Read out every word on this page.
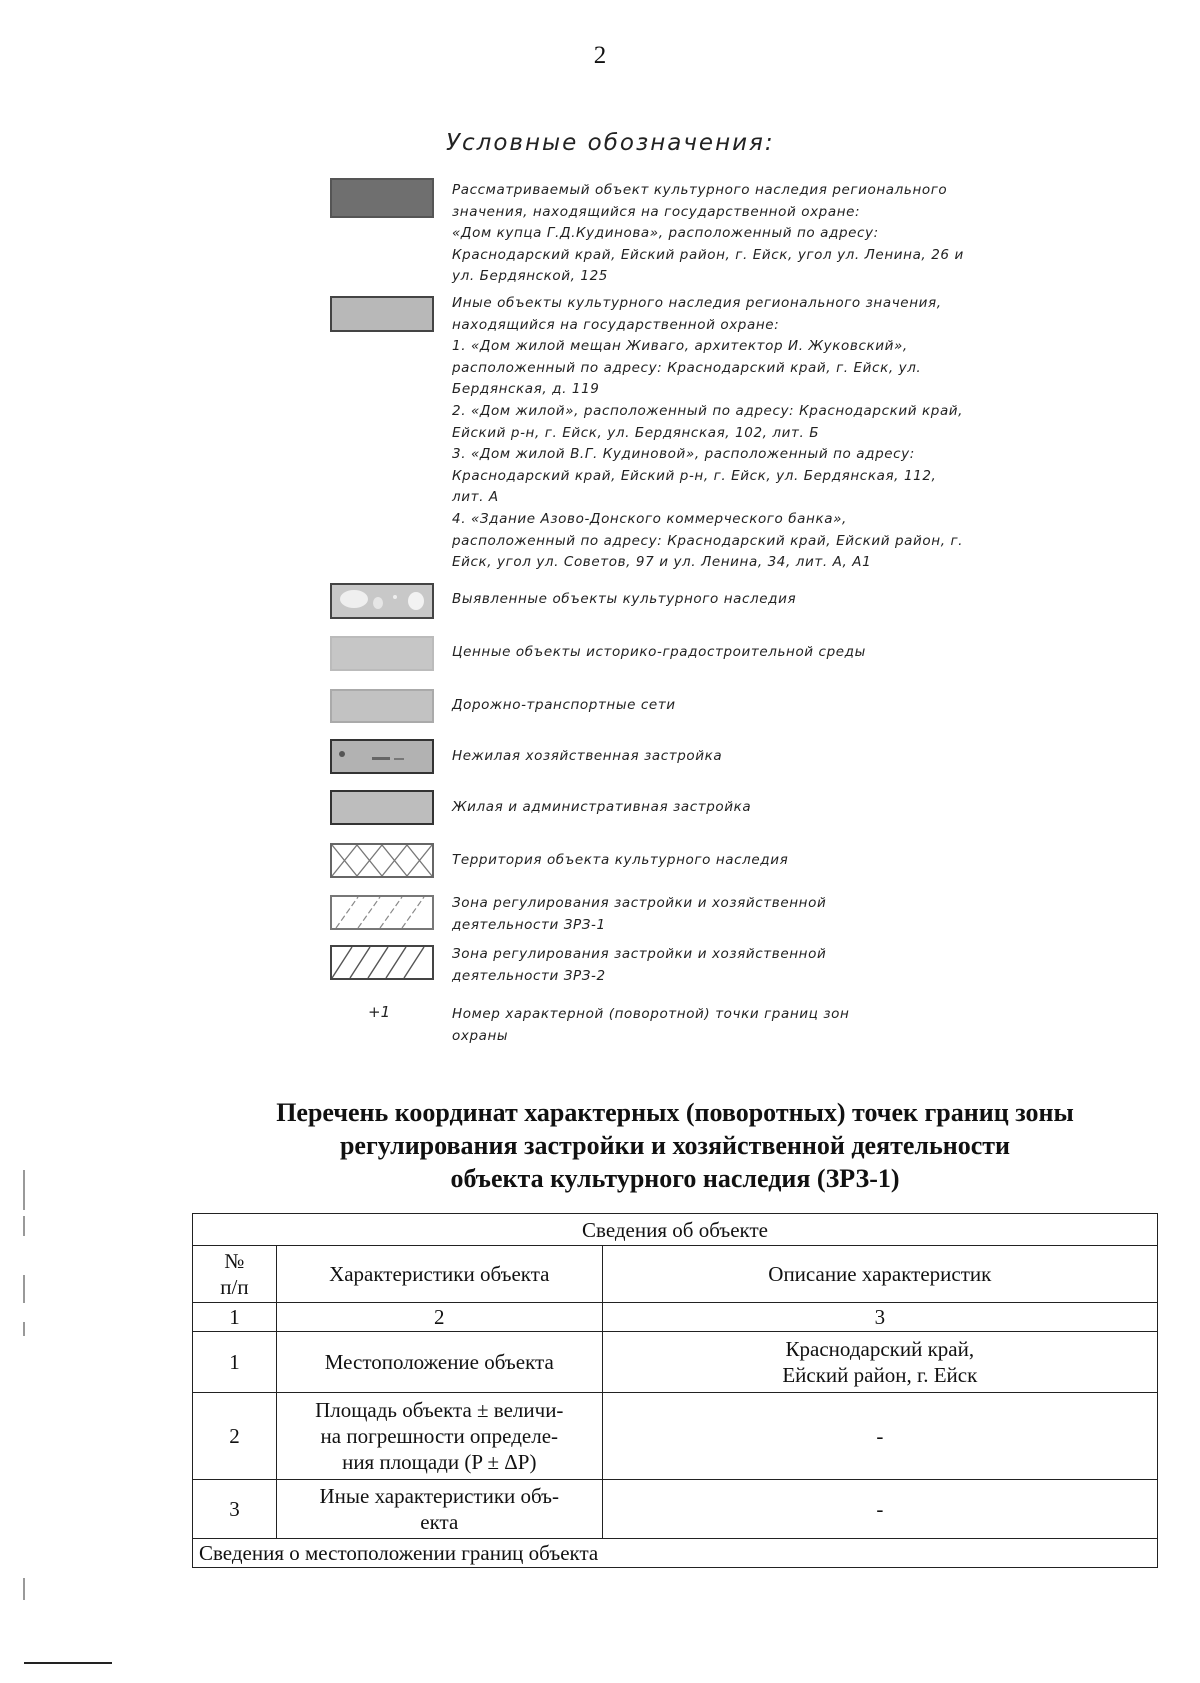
2
Условные обозначения:
Рассматриваемый объект культурного наследия регионального
значения, находящийся на государственной охране:
«Дом купца Г.Д.Кудинова», расположенный по адресу:
Краснодарский край, Ейский район, г. Ейск, угол ул. Ленина, 26 и
ул. Бердянской, 125
Иные объекты культурного наследия регионального значения,
находящийся на государственной охране:
1. «Дом жилой мещан Живаго, архитектор И. Жуковский»,
расположенный по адресу: Краснодарский край, г. Ейск, ул.
Бердянская, д. 119
2. «Дом жилой», расположенный по адресу: Краснодарский край,
Ейский р-н, г. Ейск, ул. Бердянская, 102, лит. Б
3. «Дом жилой В.Г. Кудиновой», расположенный по адресу:
Краснодарский край, Ейский р-н, г. Ейск, ул. Бердянская, 112,
лит. А
4. «Здание Азово-Донского коммерческого банка»,
расположенный по адресу: Краснодарский край, Ейский район, г.
Ейск, угол ул. Советов, 97 и ул. Ленина, 34, лит. А, А1
Выявленные объекты культурного наследия
Ценные объекты историко-градостроительной среды
Дорожно-транспортные сети
Нежилая хозяйственная застройка
Жилая и административная застройка
Территория объекта культурного наследия
Зона регулирования застройки и хозяйственной
деятельности ЗРЗ-1
Зона регулирования застройки и хозяйственной
деятельности ЗРЗ-2
+1	Номер характерной (поворотной) точки границ зон
охраны
Перечень координат характерных (поворотных) точек границ зоны
регулирования застройки и хозяйственной деятельности
объекта культурного наследия (ЗРЗ-1)
Сведения об объекте		

№
п/п	Характеристики объекта	Описание характеристик
1	2	3
1	Местоположение объекта	Краснодарский край,
Ейский район, г. Ейск

2	Площадь объекта ± величи-
на погрешности определе-
ния площади (P ± ΔP)	-

3	Иные характеристики объ-
екта	-

Сведения о местоположении границ объекта		
